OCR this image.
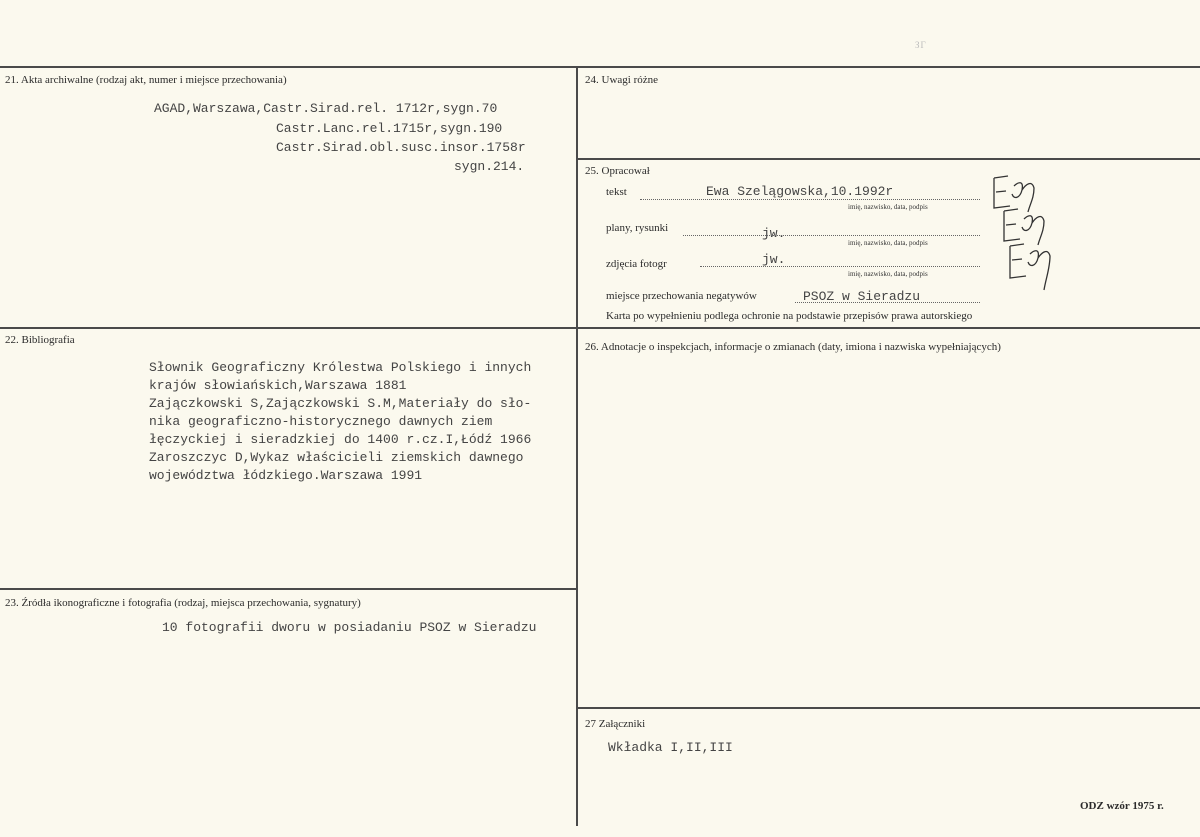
ЗГ
21. Akta archiwalne (rodzaj akt, numer i miejsce przechowania)
AGAD,Warszawa,Castr.Sirad.rel. 1712r,sygn.70
Castr.Lanc.rel.1715r,sygn.190
Castr.Sirad.obl.susc.insor.1758r
sygn.214.
22. Bibliografia
Słownik Geograficzny Królestwa Polskiego i innych
krajów słowiańskich,Warszawa 1881
Zajączkowski S,Zajączkowski S.M,Materiały do sło-
nika geograficzno-historycznego dawnych ziem
łęczyckiej i sieradzkiej do 1400 r.cz.I,Łódź 1966
Zaroszczyc D,Wykaz właścicieli ziemskich dawnego
województwa łódzkiego.Warszawa 1991
23. Źródła ikonograficzne i fotografia (rodzaj, miejsca przechowania, sygnatury)
10 fotografii dworu w posiadaniu PSOZ w Sieradzu
24. Uwagi różne
25. Opracował
tekst	Ewa Szelągowska,10.1992r
imię, nazwisko, data, podpis
plany, rysunki	jw.
imię, nazwisko, data, podpis
zdjęcia fotogr	jw.
imię, nazwisko, data, podpis
miejsce przechowania negatywów	PSOZ w Sieradzu
Karta po wypełnieniu podlega ochronie na podstawie przepisów prawa autorskiego
26. Adnotacje o inspekcjach, informacje o zmianach (daty, imiona i nazwiska wypełniających)
27 Załączniki
Wkładka I,II,III
ODZ wzór 1975 r.
